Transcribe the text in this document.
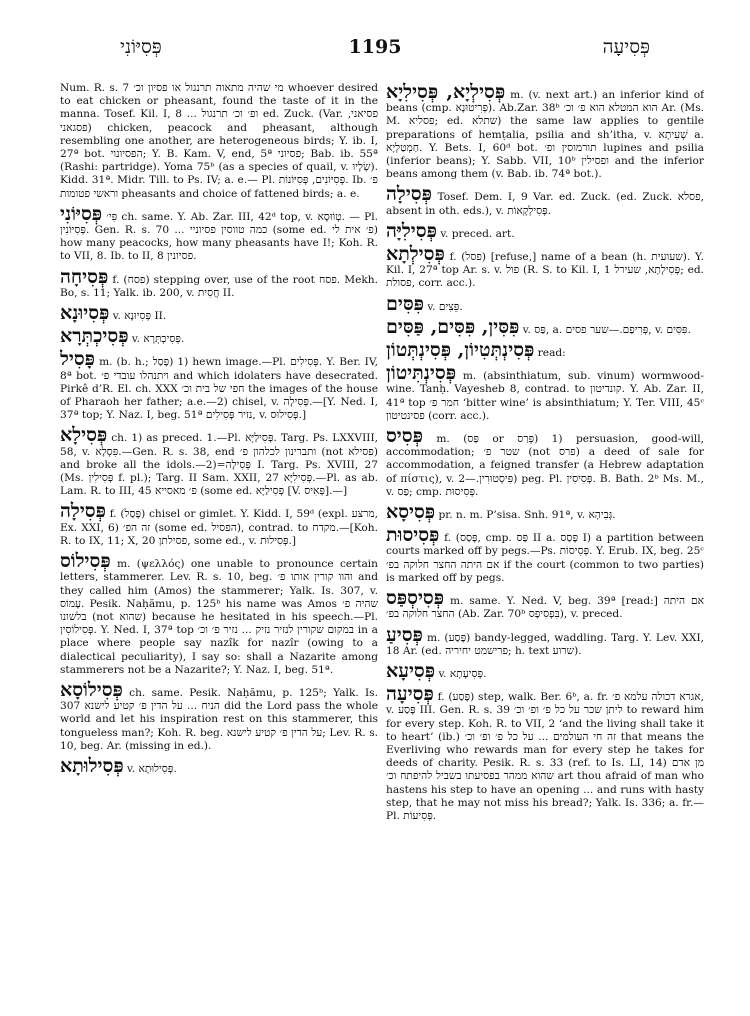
פְּסִיּוֹנִי	1195	פְּסִיעָה

Num. R. s. 7 מי שהיה מתאוה תרנגול או פסיון וכ׳ whoever desired to eat chicken or pheasant, found the taste of it in the manna. Tosef. Kil. I, 8 ... ופ׳ וכ׳ תרנגול ed. Zuck. (Var. פסיאני, פסגאני) chicken, peacock and pheasant, although resembling one another, are heterogeneous birds; Y. ib. I, 27ª bot. הפסיונוי; Y. B. Kam. V, end, 5ª פסיוני; Bab. ib. 55ª (Rashi: partridge). Yoma 75ᵇ (as a species of quail, v. שְׂלָיו). Kidd. 31ª. Midr. Till. to Ps. IV; a. e.— Pl. פְּסִיּוֹנִים, פְּסִיּוֹנוֹת. Ib. פ׳ וראשי פטומות pheasants and choice of fattened birds; a. e.

פְּסִיּוֹנִי פִּי׳ ch. same. Y. Ab. Zar. III, 42ᵈ top, v. טְוֹוּסָא. — Pl. פְּסִיּוֹנִין. Gen. R. s. 70 ... כמה טווסין פסיוניי (some ed. פ׳ אית לי) how many peacocks, how many pheasants have I!; Koh. R. to VII, 8. Ib. to II, 8 פסיונין.

פְּסִיחָה f. (פסח) stepping over, use of the root פסח. Mekh. Bo, s. 11; Yalk. ib. 200, v. חֲסִית II.

פְּסִיוּנָא v. פְּסִיוּנָא II.

פְּסִיכְתְּרָא v. פְּסִיכְתְּרָא.

פָּסִיל m. (b. h.; פָּסַל) 1) hewn image.—Pl. פְּסִילִים. Y. Ber. IV, 8ª bot. ויתנהלו עובדי פ׳ and which idolaters have desecrated. Pirkê d’R. El. ch. XXX חפי של בית וכ׳ the images of the house of Pharaoh her father; a.e.—2) chisel, v. פְּסִילָה.—[Y. Ned. I, 37ª top; Y. Naz. I, beg. 51ª נזיר פְּסִילִים, v. פְּסִילוּס.]

פְּסִילָא ch. 1) as preced. 1.—Pl. פְּסִילַיָּא. Targ. Ps. LXXVIII, 58, v. פִּסְלָא.—Gen. R. s. 38, end ותברינון לכלהון פ׳ (not פסילא) and broke all the idols.—2)=פְּסִילָה I. Targ. Ps. XVIII, 27 (Ms. פְּסִילִין f. pl.); Targ. II Sam. XXII, 27 פְּסִילִיָּא.—Pl. as ab. Lam. R. to III, 45 פ׳ מאסייא (some ed. פְּסִילַיָּא [V. פְּאִיס].—]

פְּסִילָה f. (פָּסַל) chisel or gimlet. Y. Kidd. I, 59ᵈ (expl. מרצע, Ex. XXI, 6) זה הפ׳ (some ed. הפסיל), contrad. to מקדח.—[Koh. R. to IX, 11; X, 20 פסילתן, some ed., v. פְּסִילוּת.]

פְּסִילוֹס m. (ψελλός) one unable to pronounce certain letters, stammerer. Lev. R. s. 10, beg. והוו קורין אותו פ׳ and they called him (Amos) the stammerer; Yalk. Is. 307, v. עָמוֹס. Pesik. Naḥămu, p. 125ᵇ his name was Amos שהיה פ׳ בלשונו (not שהוא) because he hesitated in his speech.—Pl. פְּסִילוֹסִין. Y. Ned. I, 37ª top במקום שקורין לנזיר נזיק ... נזיר פ׳ וכ׳ in a place where people say nazîk for nazîr (owing to a dialectical peculiarity), I say so: shall a Nazarite among stammerers not be a Nazarite?; Y. Naz. I, beg. 51ª.

פְּסִילוֹסָא ch. same. Pesik. Naḥămu, p. 125ᵇ; Yalk. Is. 307 הניח ... על הדין פ׳ קטיע לישנא did the Lord pass the whole world and let his inspiration rest on this stammerer, this tongueless man?; Koh. R. beg. על הדין פ׳ קטיע לישנא; Lev. R. s. 10, beg. Ar. (missing in ed.).

פְּסִילוּתָא v. פְּסִילוּתָא.

פְּסִילְיָא, פְּסִילִיָא m. (v. next art.) an inferior kind of beans (cmp. פְּרִיטוּנָא). Ab.Zar. 38ᵇ הוא המטלא הוא פ׳ וכ׳ Ar. (Ms. M. פסליא; ed. שתלא) the same law applies to gentile preparations of hemṭalia, psilia and sh’itha, v. שְׁעִיתָא a. חַמְטַלְיָא. Y. Bets. I, 60ᵈ bot. תורמוסין ופ׳ lupines and psilia (inferior beans); Y. Sabb. VII, 10ᵇ ופסילין and the inferior beans among them (v. Bab. ib. 74ª bot.).

פְּסִילָה Tosef. Dem. I, 9 Var. ed. Zuck. (ed. Zuck. פסלא, absent in oth. eds.), v. פְּסִילְקָאוֹת.

פְּסִילִיָּה v. preced. art.

פְּסִילְתָא f. (פסל) [refuse,] name of a bean (h. שעועית). Y. Kil. I, 27ª top Ar. s. v. פול (R. S. to Kil. I, 1 פְּסִילְתָא, שעירל; ed. פסולת, corr. acc.).

פִּסִּים v. פֵּצִים.

פִּסִּין, פִּסִּים, פַּסִּים v. פַּס, a. פְּרִיפַם.—שער פסים, v. פִּסִּים.

פְּסִינְתְּטִיוֹן, פְּסִינְתְּטוֹן read:

פְּסִינְתִּיטוֹן m. (absinthiatum, sub. vinum) wormwood-wine. Tanḥ. Vayesheb 8, contrad. to קונדיטון. Y. Ab. Zar. II, 41ª top חמר פ׳ ‘bitter wine’ is absinthiatum; Y. Ter. VIII, 45ᶜ פסינטיטון (corr. acc.).

פְּסִיס m. (פַּס or פְּרַס) 1) persuasion, good-will, accommodation; שטר פ׳ (not פרס) a deed of sale for accommodation, a feigned transfer (a Hebrew adaptation of πίστις), v. פִּיסְטוּרִין.—2) peg. Pl. פְּסִיסִין. B. Bath. 2ᵇ Ms. M., v. פַּס; cmp. פְּסִיסוּת.

פְּסִיסָא pr. n. m. P’sisa. Snh. 91ª, v. גְּבִיהָא.

פְּסִיסוּת f. (פָּסַס, cmp. פַּס II a. פָּסַס I) a partition between courts marked off by pegs.—Ps. פְּסִיסוֹת. Y. Erub. IX, beg. 25ᶜ אם היתה החצר חלוקה בפ׳ if the court (common to two parties) is marked off by pegs.

פְּסִיסְפַּס m. same. Y. Ned. V, beg. 39ª [read:] אם היתה החצר חלוקה בפ׳ (Ab. Zar. 70ᵇ בִּפְסִיפָס), v. preced.

פְּסִיעַ m. (פָּסַע) bandy-legged, waddling. Targ. Y. Lev. XXI, 18 Ar. (ed. פרישמט יחיריה; h. text שרוע).

פְּסִיעָא v. פְּסִיעָתָא.

פְּסִיעָה f. (פָּסַע) step, walk. Ber. 6ᵇ, a. fr. אגרא דכולה עלמא פ׳, v. פָּסַע III. Gen. R. s. 39 ליתן שכר על כל פ׳ ופ׳ וכ׳ to reward him for every step. Koh. R. to VII, 2 ‘and the living shall take it to heart’ (ib.) זה חי העולמים ... על כל פ׳ ופ׳ וכ׳ that means the Everliving who rewards man for every step he takes for deeds of charity. Pesik. R. s. 33 (ref. to Is. LI, 14) מן אדם שהוא ממהר בפסיעתו בשביל להיפתח וכ׳ art thou afraid of man who hastens his step to have an opening ... and runs with hasty step, that he may not miss his bread?; Yalk. Is. 336; a. fr.—Pl. פְּסִיעוֹת.
